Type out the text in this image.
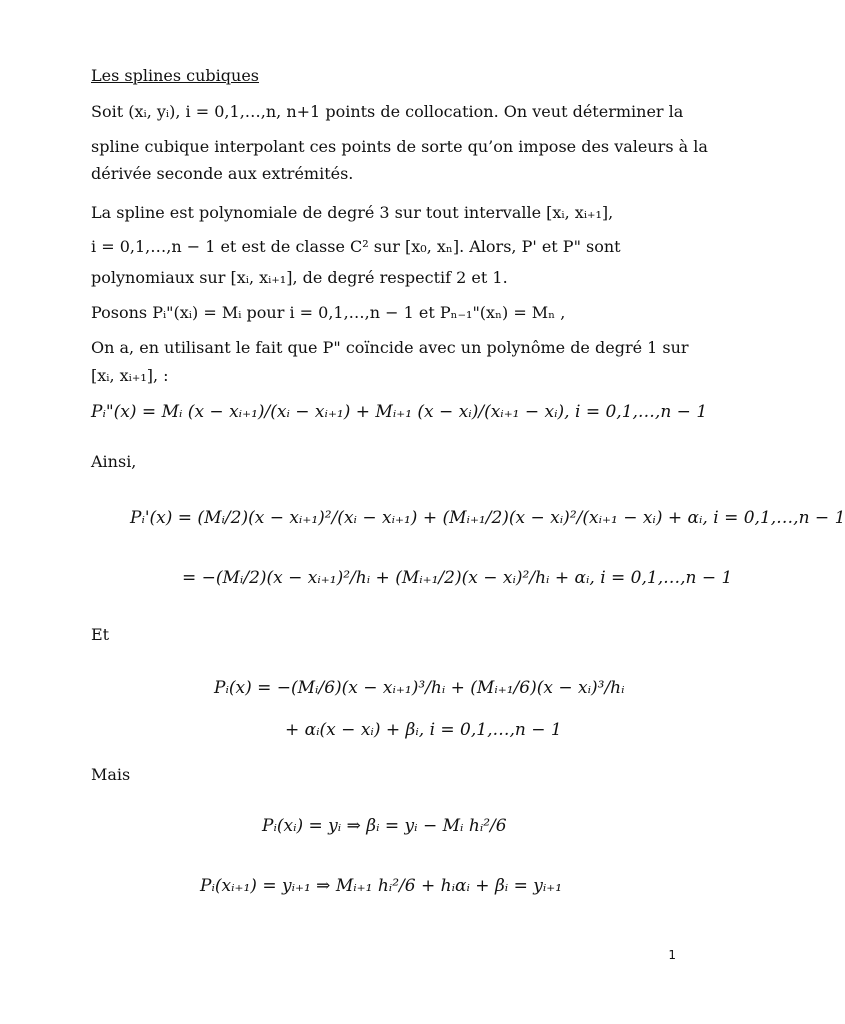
Les splines cubiques
Soit (xᵢ, yᵢ), i = 0,1,…,n, n+1 points de collocation. On veut déterminer la
spline cubique interpolant ces points de sorte qu’on impose des valeurs à la
dérivée seconde aux extrémités.
La spline est polynomiale de degré 3 sur tout intervalle [xᵢ, xᵢ₊₁],
i = 0,1,…,n − 1 et est de classe C² sur [x₀, xₙ]. Alors, P' et P" sont
polynomiaux sur [xᵢ, xᵢ₊₁], de degré respectif 2 et 1.
Posons Pᵢ"(xᵢ) = Mᵢ pour i = 0,1,…,n − 1 et Pₙ₋₁"(xₙ) = Mₙ ,
On a, en utilisant le fait que P" coïncide avec un polynôme de degré 1 sur
[xᵢ, xᵢ₊₁], :
Pᵢ"(x) = Mᵢ (x − xᵢ₊₁)/(xᵢ − xᵢ₊₁) + Mᵢ₊₁ (x − xᵢ)/(xᵢ₊₁ − xᵢ), i = 0,1,…,n − 1
Ainsi,
Pᵢ'(x) = (Mᵢ/2)(x − xᵢ₊₁)²/(xᵢ − xᵢ₊₁) + (Mᵢ₊₁/2)(x − xᵢ)²/(xᵢ₊₁ − xᵢ) + αᵢ, i = 0,1,…,n − 1
= −(Mᵢ/2)(x − xᵢ₊₁)²/hᵢ + (Mᵢ₊₁/2)(x − xᵢ)²/hᵢ + αᵢ, i = 0,1,…,n − 1
Et
Pᵢ(x) = −(Mᵢ/6)(x − xᵢ₊₁)³/hᵢ + (Mᵢ₊₁/6)(x − xᵢ)³/hᵢ
+ αᵢ(x − xᵢ) + βᵢ, i = 0,1,…,n − 1
Mais
Pᵢ(xᵢ) = yᵢ ⇒ βᵢ = yᵢ − Mᵢ hᵢ²/6
Pᵢ(xᵢ₊₁) = yᵢ₊₁ ⇒ Mᵢ₊₁ hᵢ²/6 + hᵢαᵢ + βᵢ = yᵢ₊₁
1
